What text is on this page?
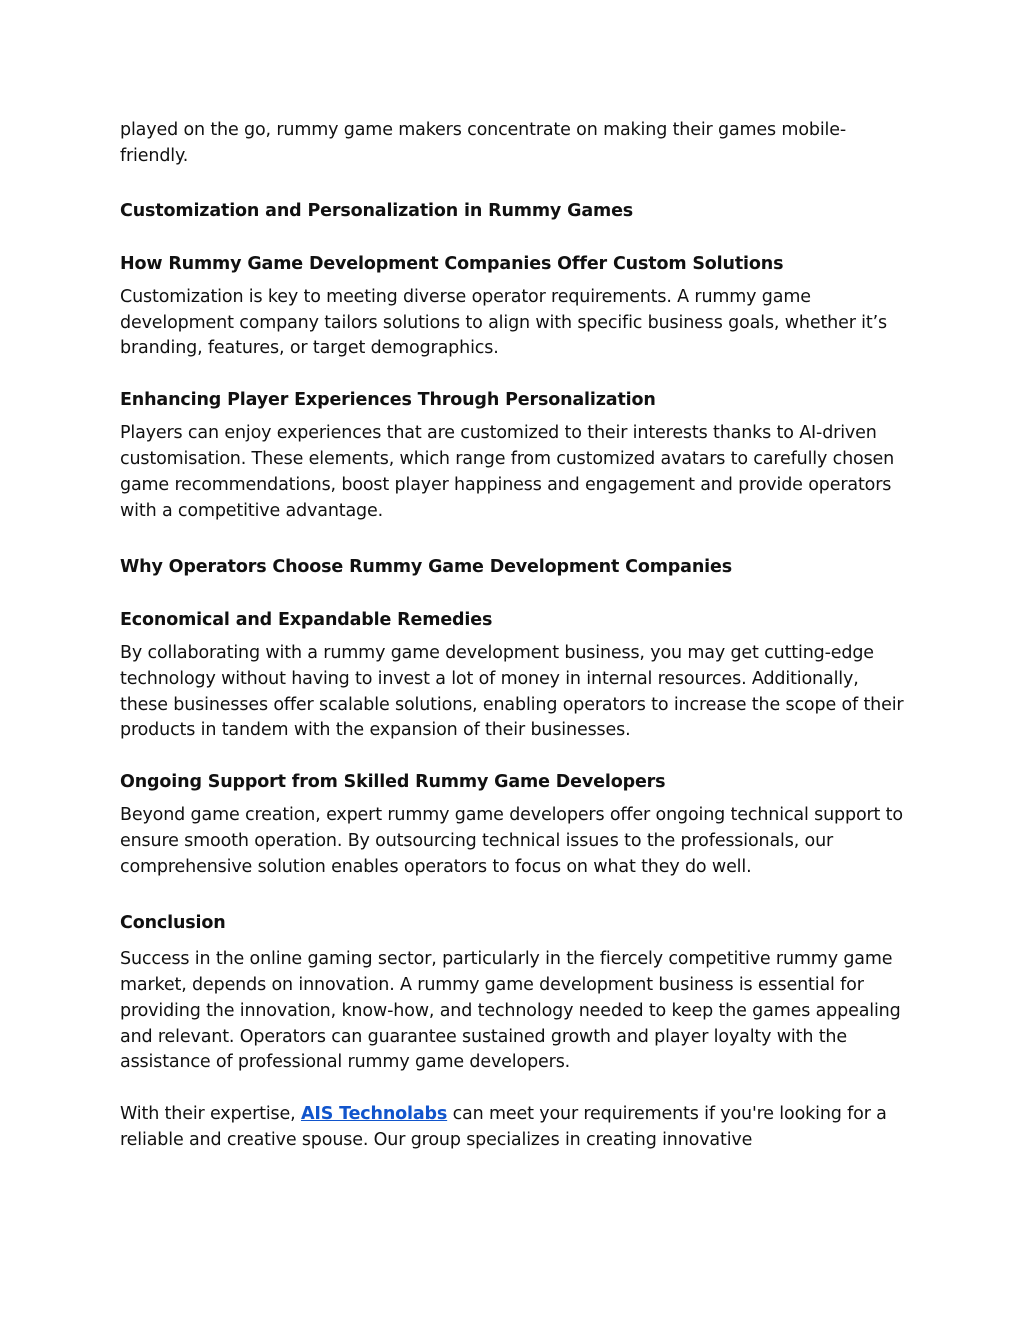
played on the go, rummy game makers concentrate on making their games mobile-friendly.

Customization and Personalization in Rummy Games

How Rummy Game Development Companies Offer Custom Solutions

Customization is key to meeting diverse operator requirements. A rummy game development company tailors solutions to align with specific business goals, whether it’s branding, features, or target demographics.

Enhancing Player Experiences Through Personalization

Players can enjoy experiences that are customized to their interests thanks to AI-driven customisation. These elements, which range from customized avatars to carefully chosen game recommendations, boost player happiness and engagement and provide operators with a competitive advantage.

Why Operators Choose Rummy Game Development Companies

Economical and Expandable Remedies

By collaborating with a rummy game development business, you may get cutting-edge technology without having to invest a lot of money in internal resources. Additionally, these businesses offer scalable solutions, enabling operators to increase the scope of their products in tandem with the expansion of their businesses.

Ongoing Support from Skilled Rummy Game Developers

Beyond game creation, expert rummy game developers offer ongoing technical support to ensure smooth operation. By outsourcing technical issues to the professionals, our comprehensive solution enables operators to focus on what they do well.

Conclusion

Success in the online gaming sector, particularly in the fiercely competitive rummy game market, depends on innovation. A rummy game development business is essential for providing the innovation, know-how, and technology needed to keep the games appealing and relevant. Operators can guarantee sustained growth and player loyalty with the assistance of professional rummy game developers.

With their expertise, AIS Technolabs can meet your requirements if you're looking for a reliable and creative spouse. Our group specializes in creating innovative
